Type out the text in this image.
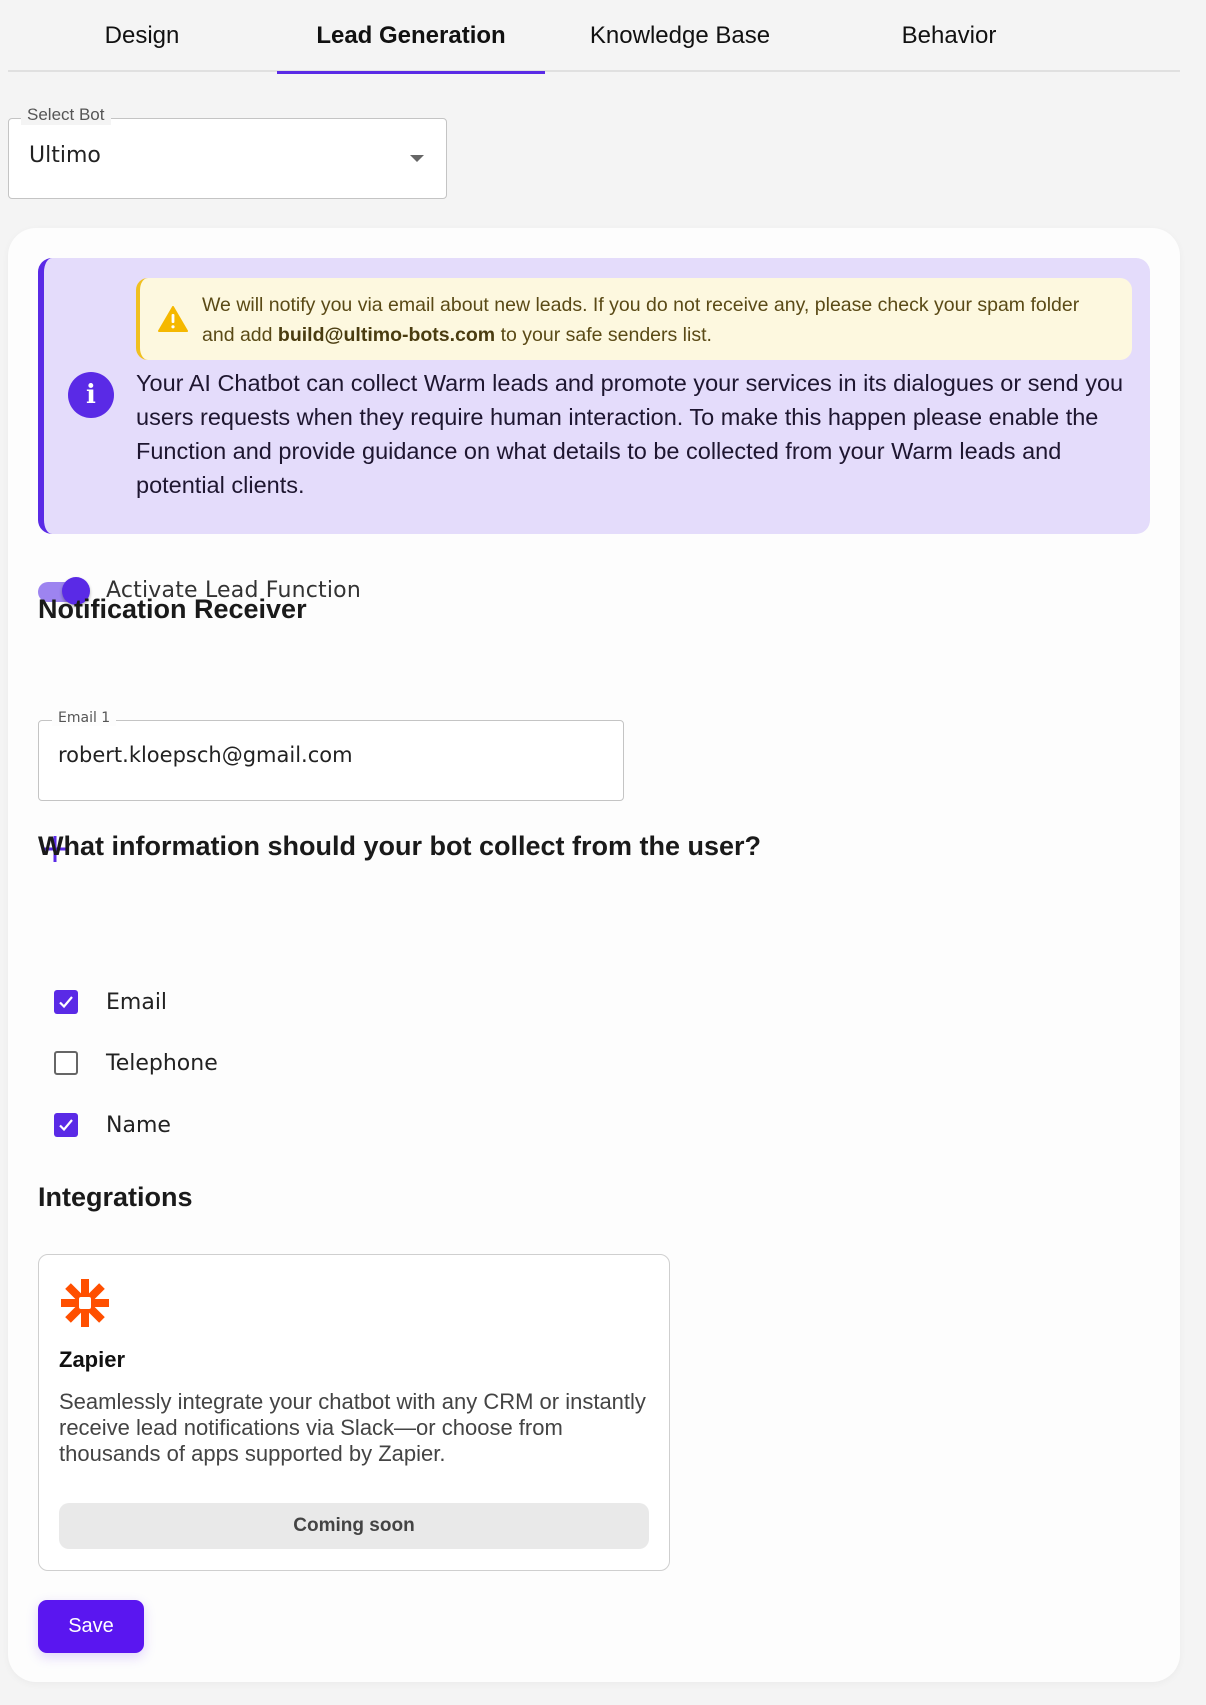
Design	Lead Generation	Knowledge Base	Behavior
Select Bot
Ultimo
We will notify you via email about new leads. If you do not receive any, please check your spam folder and add build@ultimo-bots.com to your safe senders list.
i	Your AI Chatbot can collect Warm leads and promote your services in its dialogues or send you users requests when they require human interaction. To make this happen please enable the Function and provide guidance on what details to be collected from your Warm leads and potential clients.
Activate Lead Function
Notification Receiver
Email 1
robert.kloepsch@gmail.com
What information should your bot collect from the user?
Email
Telephone
Name
Integrations
Zapier
Seamlessly integrate your chatbot with any CRM or instantly receive lead notifications via Slack—or choose from thousands of apps supported by Zapier.
Coming soon
Save
